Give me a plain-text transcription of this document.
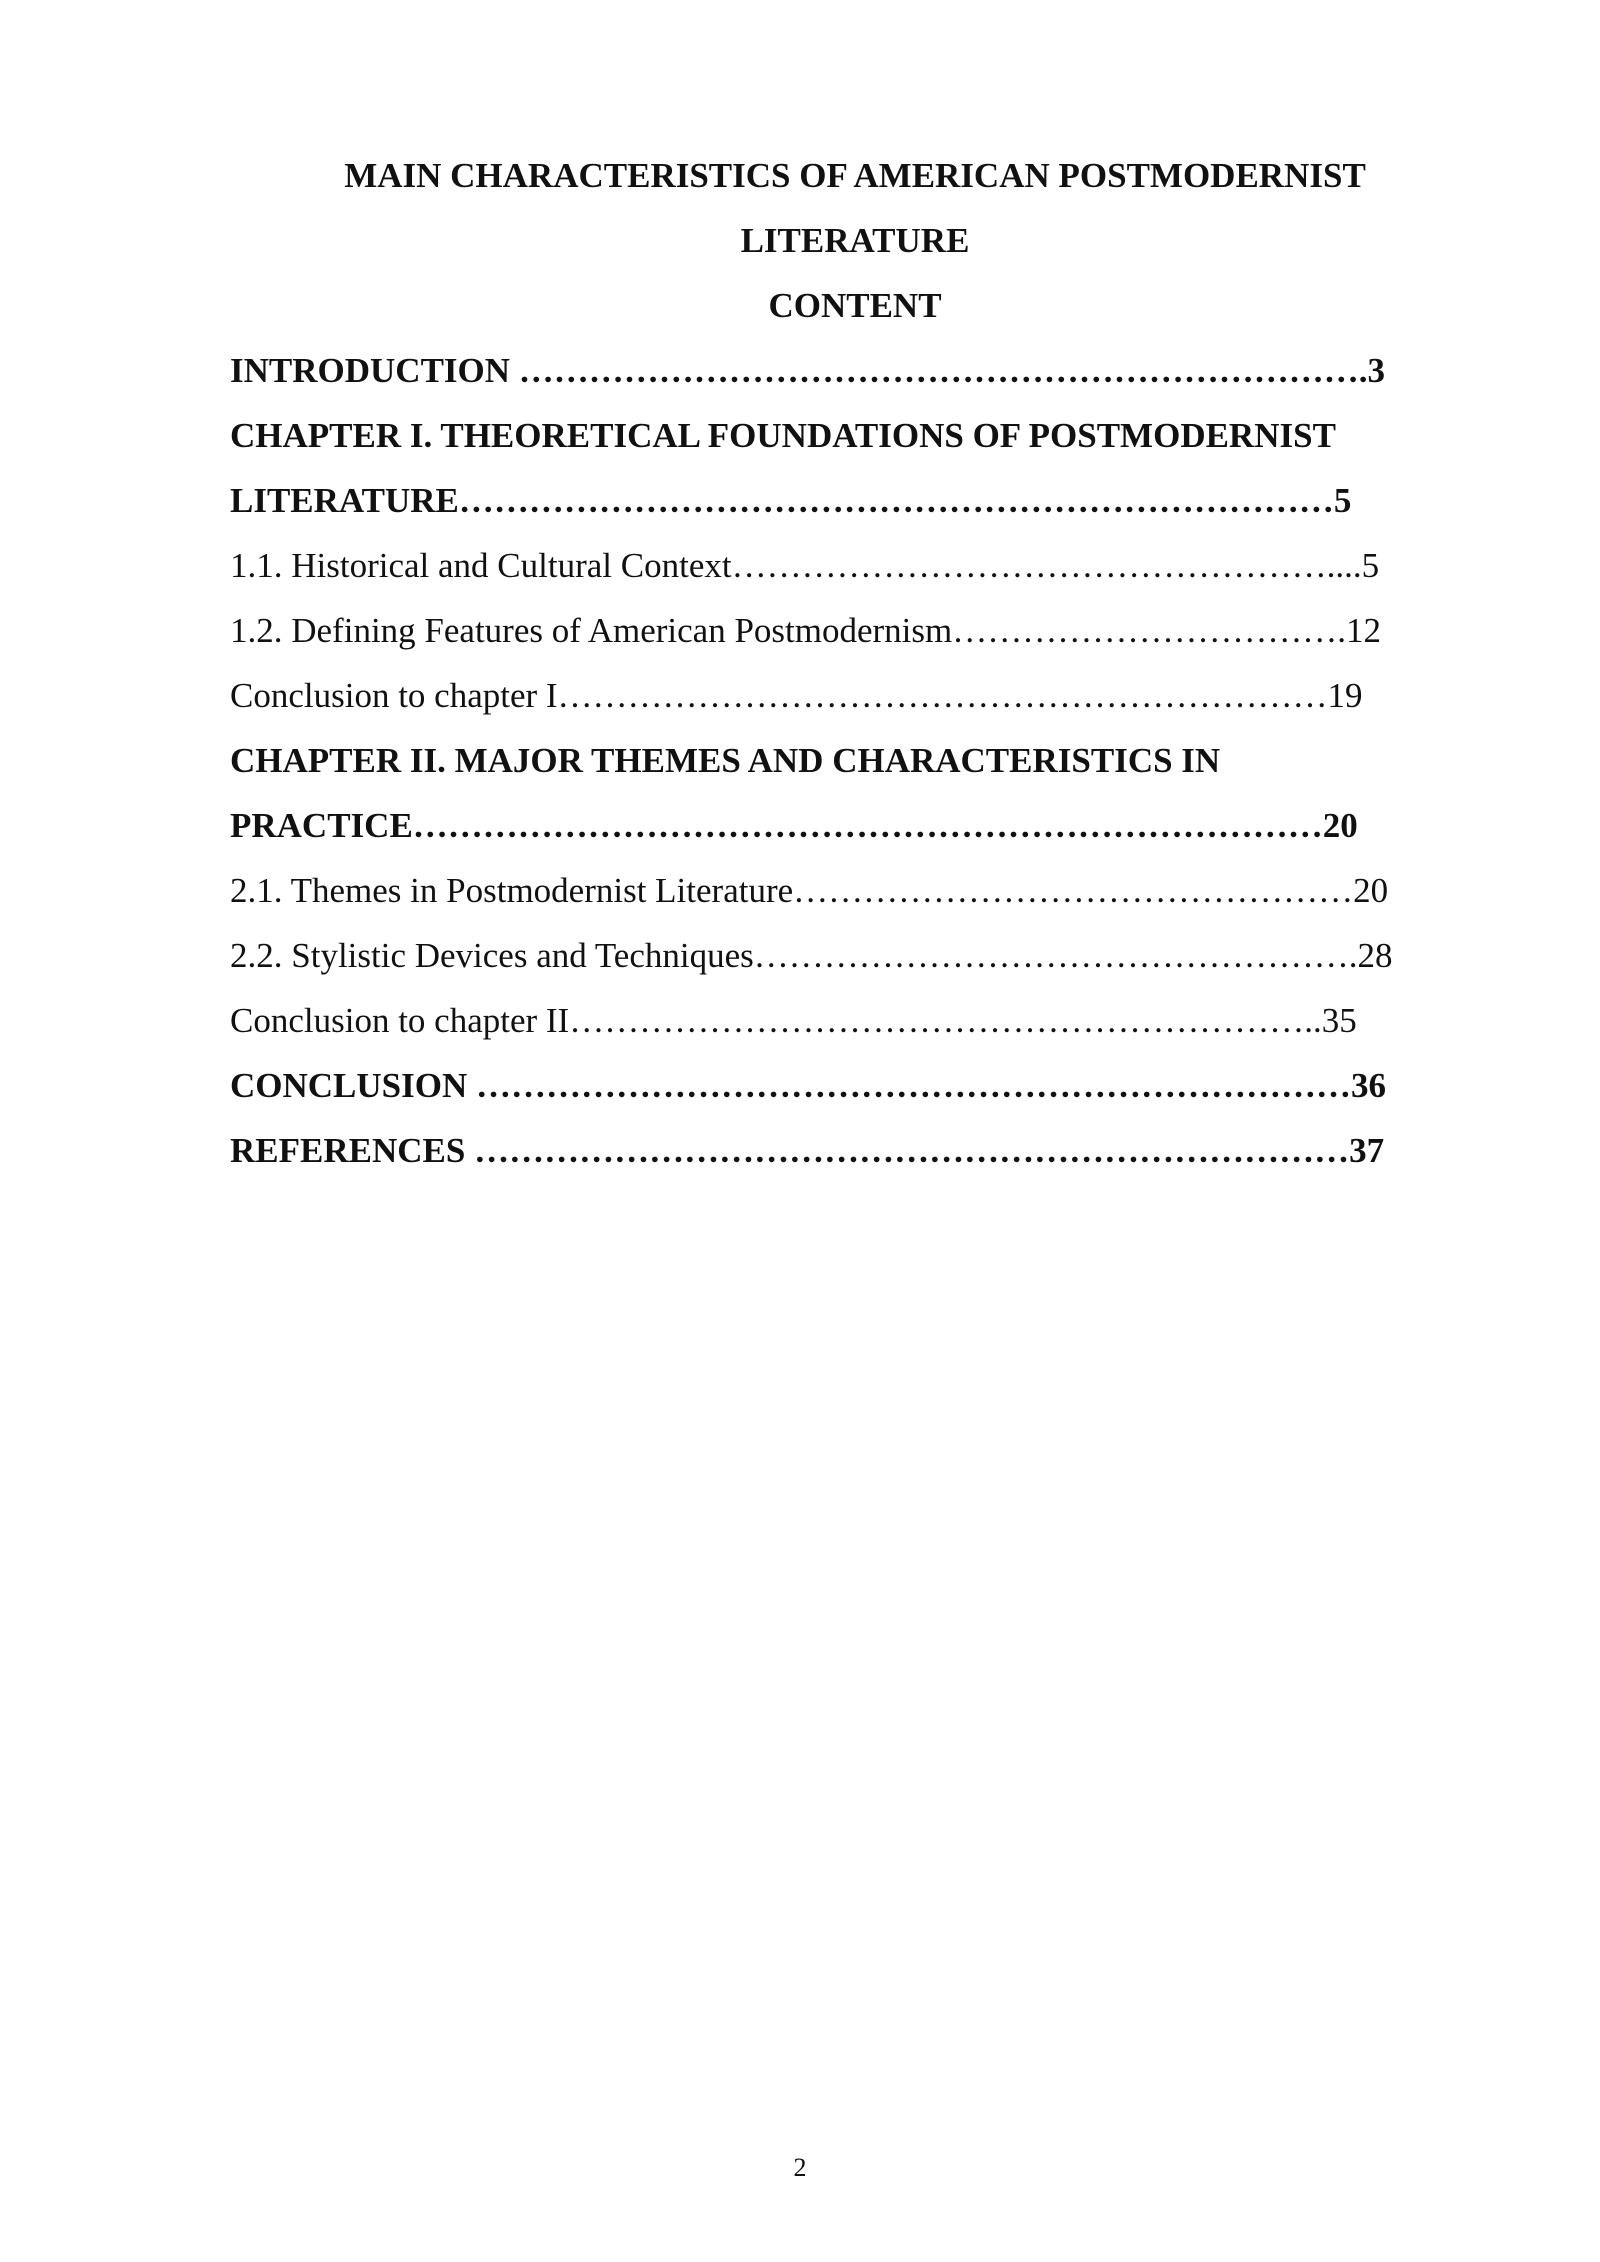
MAIN CHARACTERISTICS OF AMERICAN POSTMODERNIST

LITERATURE

CONTENT

INTRODUCTION ……………………………………………………………….3

CHAPTER I. THEORETICAL FOUNDATIONS OF POSTMODERNIST

LITERATURE…………………………………………………………………5

1.1. Historical and Cultural Context……………………………………………....5

1.2. Defining Features of American Postmodernism…………………………….12

Conclusion to chapter I…………………………………………………………19

CHAPTER II. MAJOR THEMES AND CHARACTERISTICS IN

PRACTICE……………………………………………………………………20

2.1. Themes in Postmodernist Literature…………………………………………20

2.2. Stylistic Devices and Techniques…………………………………………….28

Conclusion to chapter II………………………………………………………..35

CONCLUSION …………………………………………………………………36

REFERENCES …………………………………………………………………37

2
